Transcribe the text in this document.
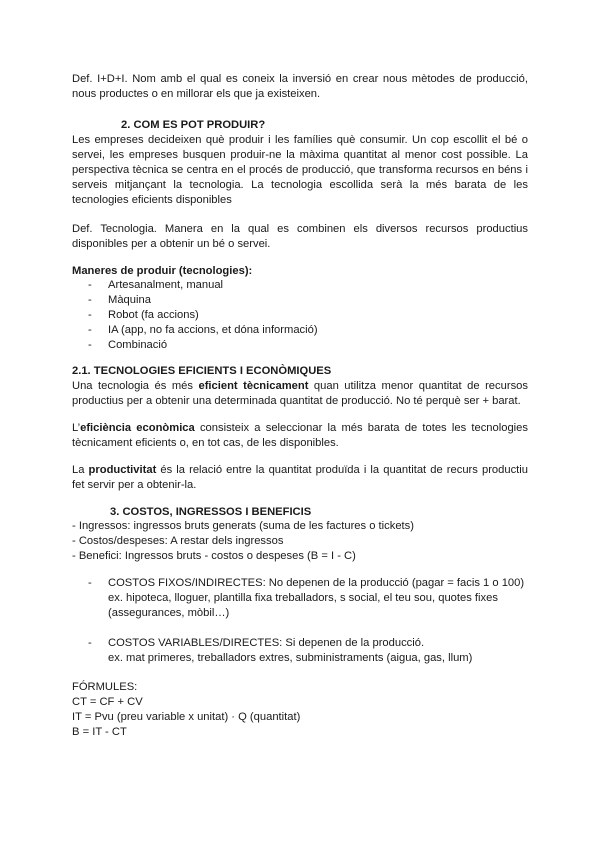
Def. I+D+I. Nom amb el qual es coneix la inversió en crear nous mètodes de producció, nous productes o en millorar els que ja existeixen.
2. COM ES POT PRODUIR?
Les empreses decideixen què produir i les famílies què consumir. Un cop escollit el bé o servei, les empreses busquen produir-ne la màxima quantitat al menor cost possible. La perspectiva tècnica se centra en el procés de producció, que transforma recursos en béns i serveis mitjançant la tecnologia. La tecnologia escollida serà la més barata de les tecnologies eficients disponibles
Def. Tecnologia. Manera en la qual es combinen els diversos recursos productius disponibles per a obtenir un bé o servei.
Maneres de produir (tecnologies):
-	Artesanalment, manual
-	Màquina
-	Robot (fa accions)
-	IA (app, no fa accions, et dóna informació)
-	Combinació
2.1. TECNOLOGIES EFICIENTS I ECONÒMIQUES
Una tecnologia és més eficient tècnicament quan utilitza menor quantitat de recursos productius per a obtenir una determinada quantitat de producció. No té perquè ser + barat.
L’eficiència econòmica consisteix a seleccionar la més barata de totes les tecnologies tècnicament eficients o, en tot cas, de les disponibles.
La productivitat és la relació entre la quantitat produïda i la quantitat de recurs productiu fet servir per a obtenir-la.
3. COSTOS, INGRESSOS I BENEFICIS
- Ingressos: ingressos bruts generats (suma de les factures o tickets)
- Costos/despeses: A restar dels ingressos
- Benefici: Ingressos bruts - costos o despeses (B = I - C)
-	COSTOS FIXOS/INDIRECTES: No depenen de la producció (pagar = facis 1 o 100)
ex. hipoteca, lloguer, plantilla fixa treballadors, s social, el teu sou, quotes fixes
(assegurances, mòbil…)
-	COSTOS VARIABLES/DIRECTES: Si depenen de la producció.
ex. mat primeres, treballadors extres, subministraments (aigua, gas, llum)
FÓRMULES:
CT = CF + CV
IT = Pvu (preu variable x unitat) · Q (quantitat)
B = IT - CT
